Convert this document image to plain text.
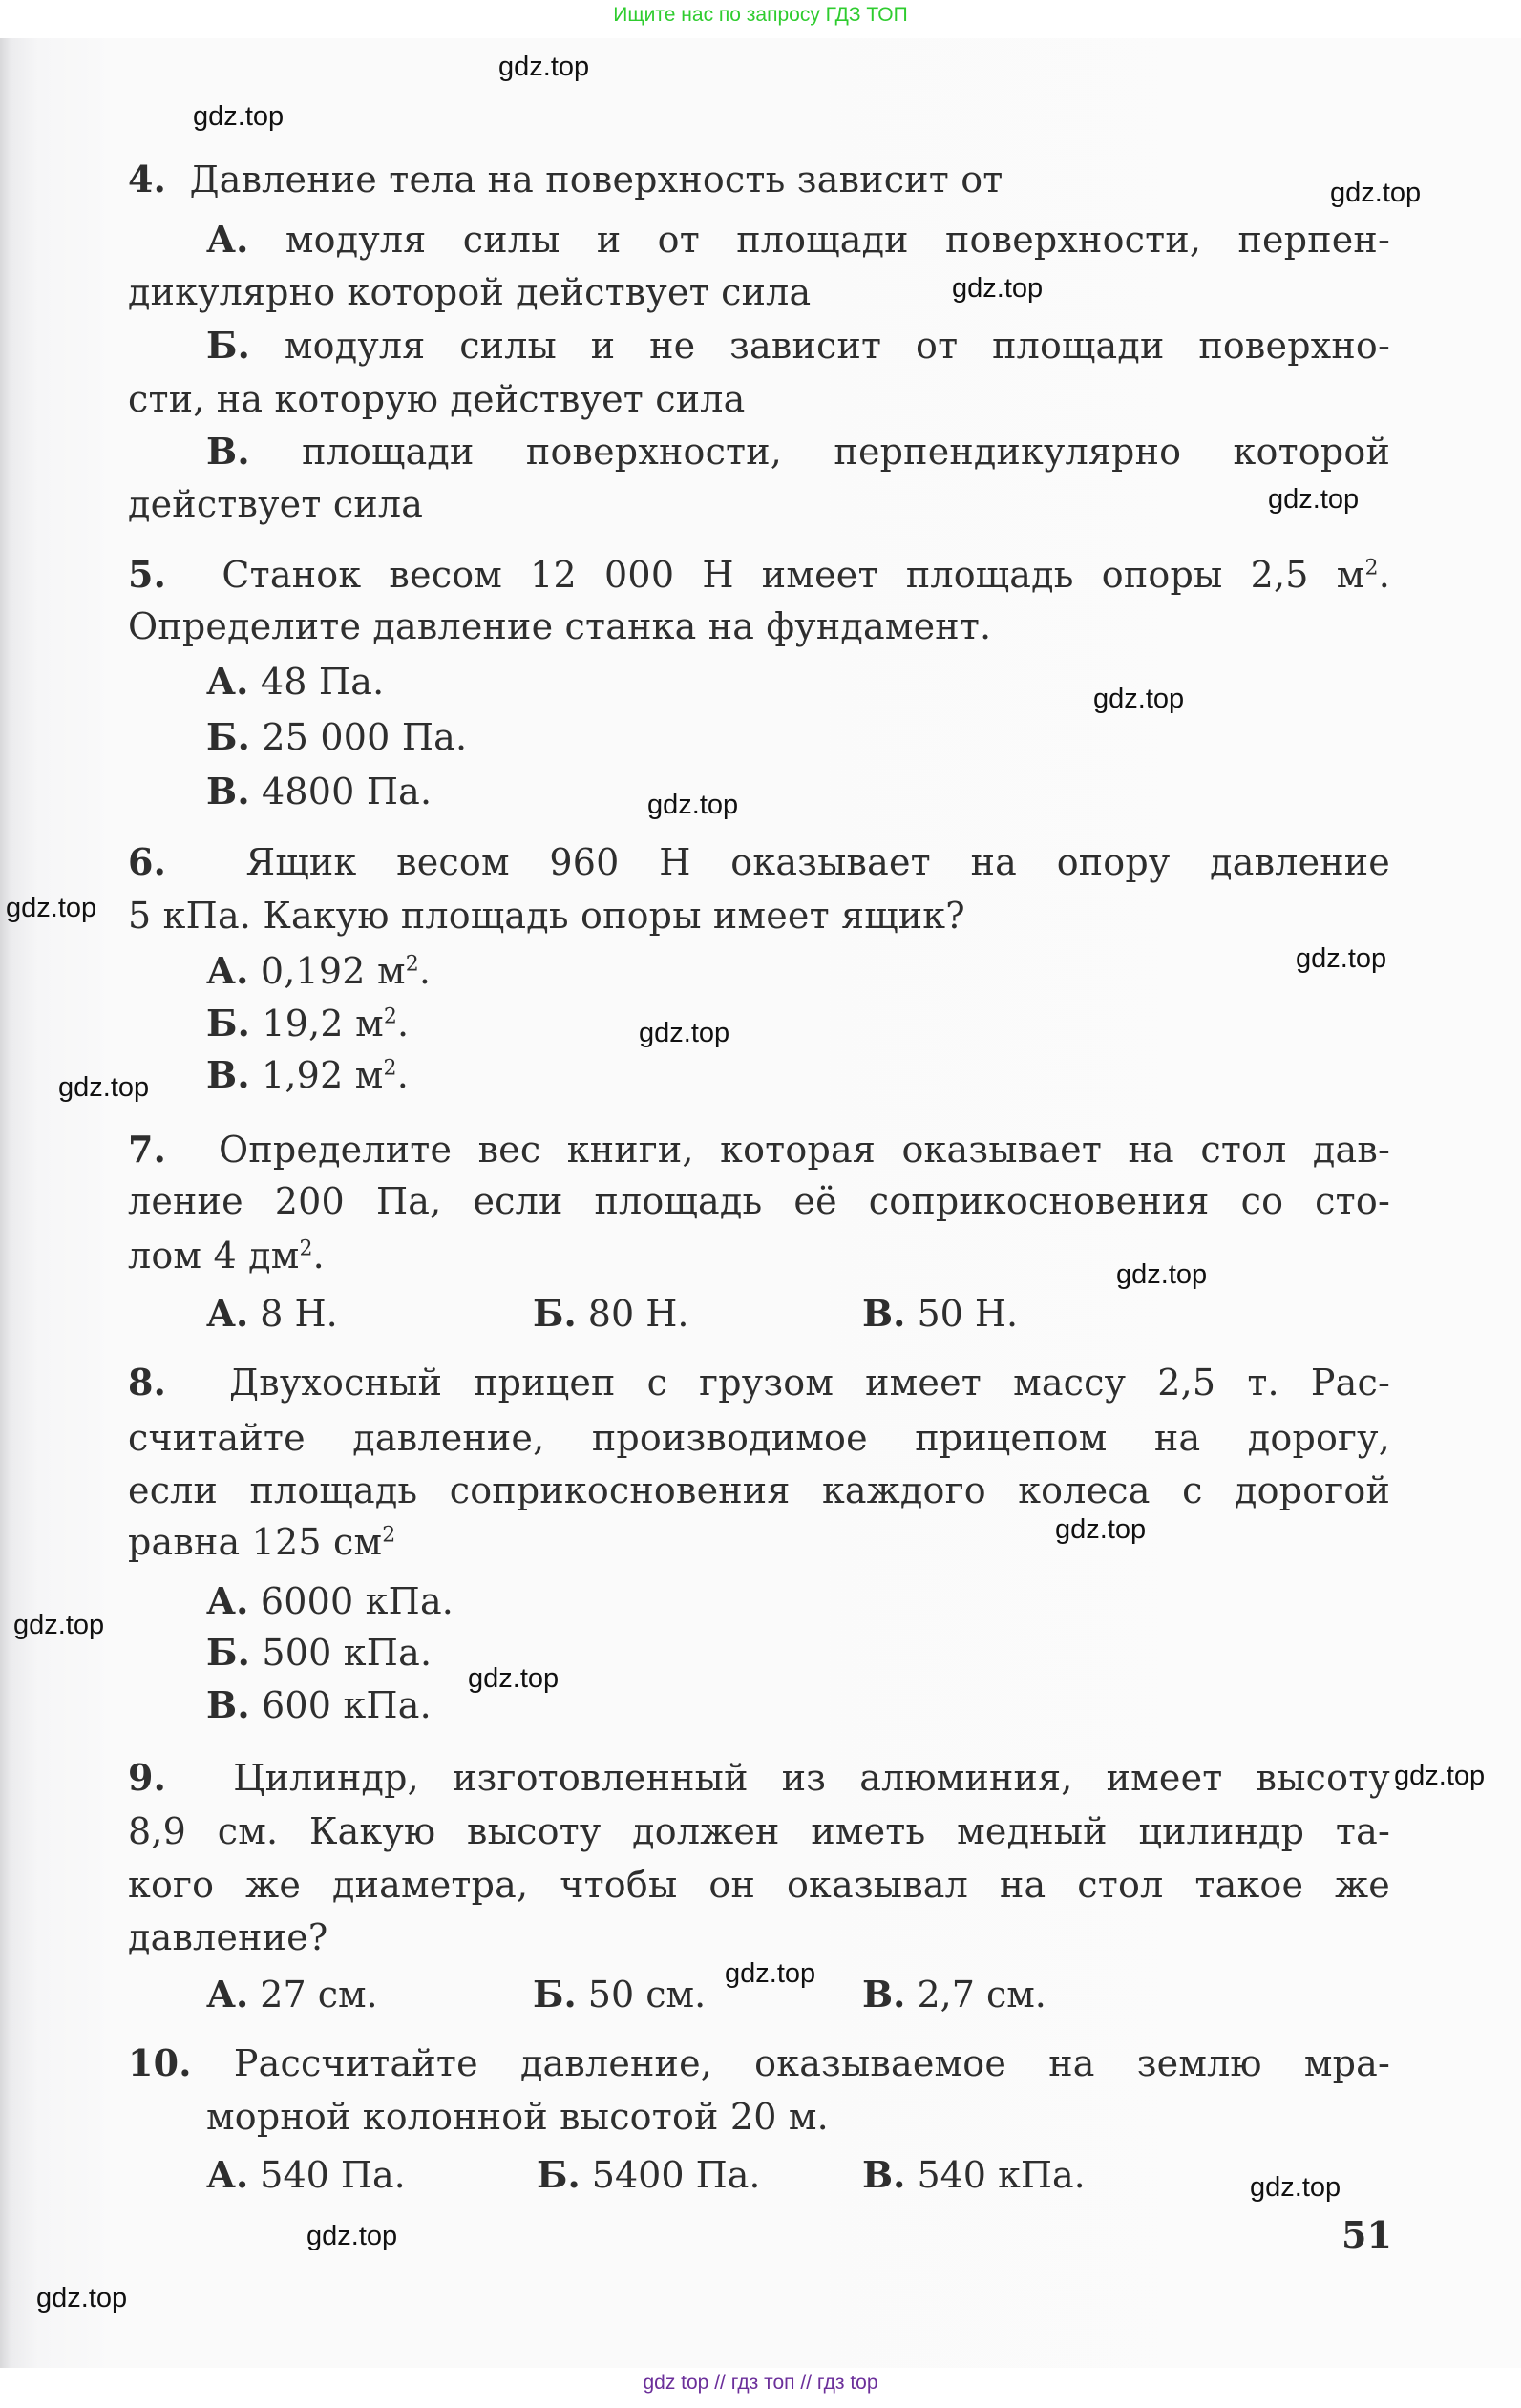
Ищите нас по запросу ГДЗ ТОП
4. Давление тела на поверхность зависит от
А. модуля силы и от площади поверхности, перпен-
дикулярно которой действует сила
Б. модуля силы и не зависит от площади поверхно-
сти, на которую действует сила
В. площади поверхности, перпендикулярно которой
действует сила
5. Станок весом 12 000 Н имеет площадь опоры 2,5 $м^2$.
Определите давление станка на фундамент.
А. 48 Па.
Б. 25 000 Па.
В. 4800 Па.
6. Ящик весом 960 Н оказывает на опору давление
5 кПа. Какую площадь опоры имеет ящик?
А. 0,192 $м^2$.
Б. 19,2 $м^2$.
В. 1,92 $м^2$.
7. Определите вес книги, которая оказывает на стол дав-
ление 200 Па, если площадь её соприкосновения со сто-
лом 4 $дм^2$.
А. 8 Н.	Б. 80 Н.	В. 50 Н.
8. Двухосный прицеп с грузом имеет массу 2,5 т. Рас-
считайте давление, производимое прицепом на дорогу,
если площадь соприкосновения каждого колеса с дорогой
равна 125 $см^2$
А. 6000 кПа.
Б. 500 кПа.
В. 600 кПа.
9. Цилиндр, изготовленный из алюминия, имеет высоту
8,9 см. Какую высоту должен иметь медный цилиндр та-
кого же диаметра, чтобы он оказывал на стол такое же
давление?
А. 27 см.	Б. 50 см.	В. 2,7 см.
10. Рассчитайте давление, оказываемое на землю мра-
морной колонной высотой 20 м.
А. 540 Па.	Б. 5400 Па.	В. 540 кПа.
51
gdz.top
gdz.top
gdz.top
gdz.top
gdz.top
gdz.top
gdz.top
gdz.top
gdz.top
gdz.top
gdz.top
gdz.top
gdz.top
gdz.top
gdz.top
gdz.top
gdz.top
gdz.top
gdz.top
gdz.top
gdz top // гдз топ // гдз top
